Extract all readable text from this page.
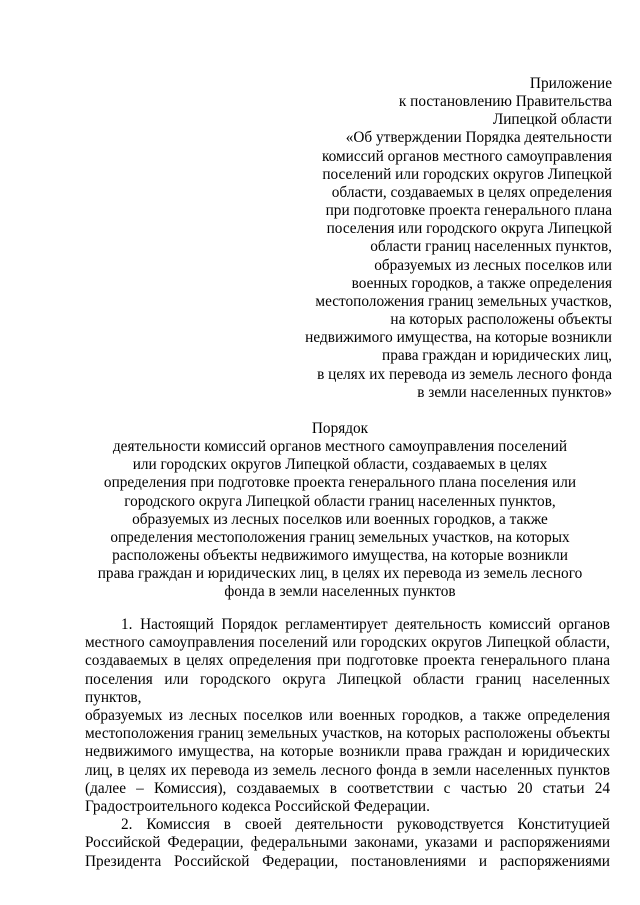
Приложение
к постановлению Правительства
Липецкой области
«Об утверждении Порядка деятельности
комиссий органов местного самоуправления
поселений или городских округов Липецкой
области, создаваемых в целях определения
при подготовке проекта генерального плана
поселения или городского округа Липецкой
области границ населенных пунктов,
образуемых из лесных поселков или
военных городков, а также определения
местоположения границ земельных участков,
на которых расположены объекты
недвижимого имущества, на которые возникли
права граждан и юридических лиц,
в целях их перевода из земель лесного фонда
в земли населенных пунктов»
Порядок
деятельности комиссий органов местного самоуправления поселений
или городских округов Липецкой области, создаваемых в целях
определения при подготовке проекта генерального плана поселения или
городского округа Липецкой области границ населенных пунктов,
образуемых из лесных поселков или военных городков, а также
определения местоположения границ земельных участков, на которых
расположены объекты недвижимого имущества, на которые возникли
права граждан и юридических лиц, в целях их перевода из земель лесного
фонда в земли населенных пунктов
1. Настоящий Порядок регламентирует деятельность комиссий органов
местного самоуправления поселений или городских округов Липецкой области,
создаваемых в целях определения при подготовке проекта генерального плана
поселения или городского округа Липецкой области границ населенных пунктов,
образуемых из лесных поселков или военных городков, а также определения
местоположения границ земельных участков, на которых расположены объекты
недвижимого имущества, на которые возникли права граждан и юридических
лиц, в целях их перевода из земель лесного фонда в земли населенных пунктов
(далее – Комиссия), создаваемых в соответствии с частью 20 статьи 24
Градостроительного кодекса Российской Федерации.
2. Комиссия в своей деятельности руководствуется Конституцией
Российской Федерации, федеральными законами, указами и распоряжениями
Президента Российской Федерации, постановлениями и распоряжениями
